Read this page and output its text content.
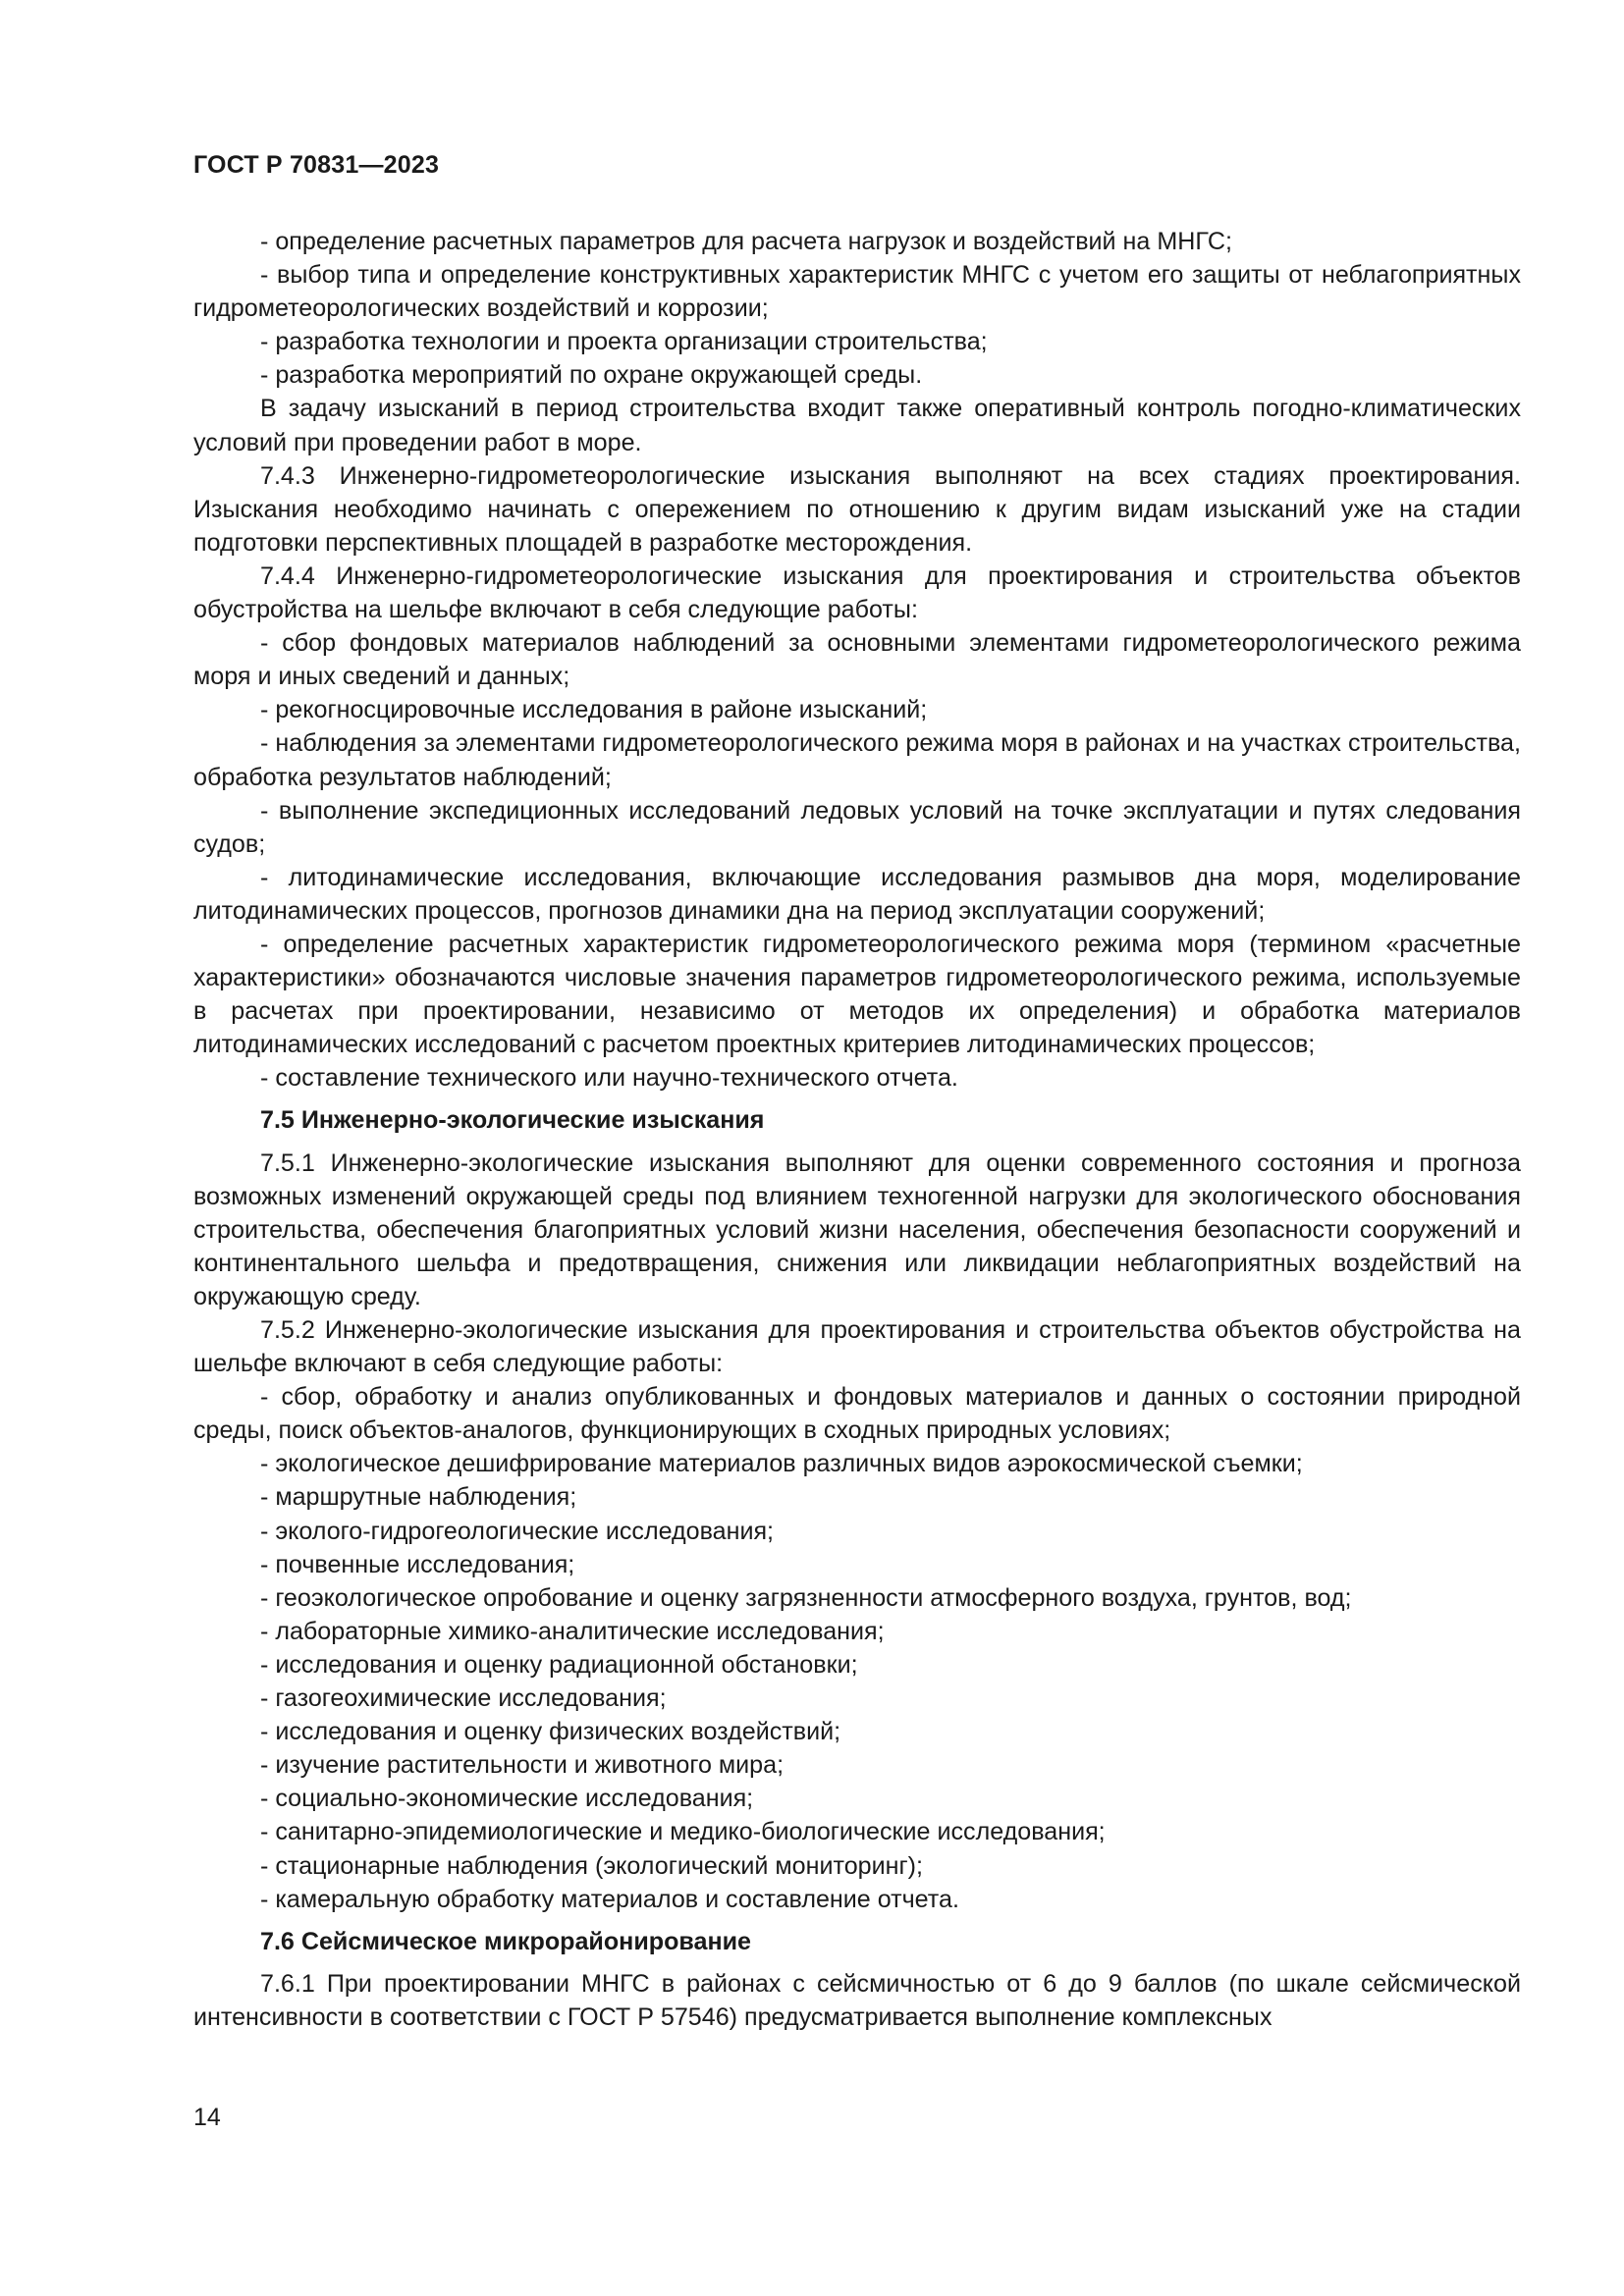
ГОСТ Р 70831—2023

- определение расчетных параметров для расчета нагрузок и воздействий на МНГС;

- выбор типа и определение конструктивных характеристик МНГС с учетом его защиты от неблагоприятных гидрометеорологических воздействий и коррозии;

- разработка технологии и проекта организации строительства;

- разработка мероприятий по охране окружающей среды.

В задачу изысканий в период строительства входит также оперативный контроль погодно-климатических условий при проведении работ в море.

7.4.3 Инженерно-гидрометеорологические изыскания выполняют на всех стадиях проектирования. Изыскания необходимо начинать с опережением по отношению к другим видам изысканий уже на стадии подготовки перспективных площадей в разработке месторождения.

7.4.4 Инженерно-гидрометеорологические изыскания для проектирования и строительства объектов обустройства на шельфе включают в себя следующие работы:

- сбор фондовых материалов наблюдений за основными элементами гидрометеорологического режима моря и иных сведений и данных;

- рекогносцировочные исследования в районе изысканий;

- наблюдения за элементами гидрометеорологического режима моря в районах и на участках строительства, обработка результатов наблюдений;

- выполнение экспедиционных исследований ледовых условий на точке эксплуатации и путях следования судов;

- литодинамические исследования, включающие исследования размывов дна моря, моделирование литодинамических процессов, прогнозов динамики дна на период эксплуатации сооружений;

- определение расчетных характеристик гидрометеорологического режима моря (термином «расчетные характеристики» обозначаются числовые значения параметров гидрометеорологического режима, используемые в расчетах при проектировании, независимо от методов их определения) и обработка материалов литодинамических исследований с расчетом проектных критериев литодинамических процессов;

- составление технического или научно-технического отчета.

7.5 Инженерно-экологические изыскания

7.5.1 Инженерно-экологические изыскания выполняют для оценки современного состояния и прогноза возможных изменений окружающей среды под влиянием техногенной нагрузки для экологического обоснования строительства, обеспечения благоприятных условий жизни населения, обеспечения безопасности сооружений и континентального шельфа и предотвращения, снижения или ликвидации неблагоприятных воздействий на окружающую среду.

7.5.2 Инженерно-экологические изыскания для проектирования и строительства объектов обустройства на шельфе включают в себя следующие работы:

- сбор, обработку и анализ опубликованных и фондовых материалов и данных о состоянии природной среды, поиск объектов-аналогов, функционирующих в сходных природных условиях;

- экологическое дешифрирование материалов различных видов аэрокосмической съемки;

- маршрутные наблюдения;

- эколого-гидрогеологические исследования;

- почвенные исследования;

- геоэкологическое опробование и оценку загрязненности атмосферного воздуха, грунтов, вод;

- лабораторные химико-аналитические исследования;

- исследования и оценку радиационной обстановки;

- газогеохимические исследования;

- исследования и оценку физических воздействий;

- изучение растительности и животного мира;

- социально-экономические исследования;

- санитарно-эпидемиологические и медико-биологические исследования;

- стационарные наблюдения (экологический мониторинг);

- камеральную обработку материалов и составление отчета.

7.6 Сейсмическое микрорайонирование

7.6.1 При проектировании МНГС в районах с сейсмичностью от 6 до 9 баллов (по шкале сейсмической интенсивности в соответствии с ГОСТ Р 57546) предусматривается выполнение комплексных

14
